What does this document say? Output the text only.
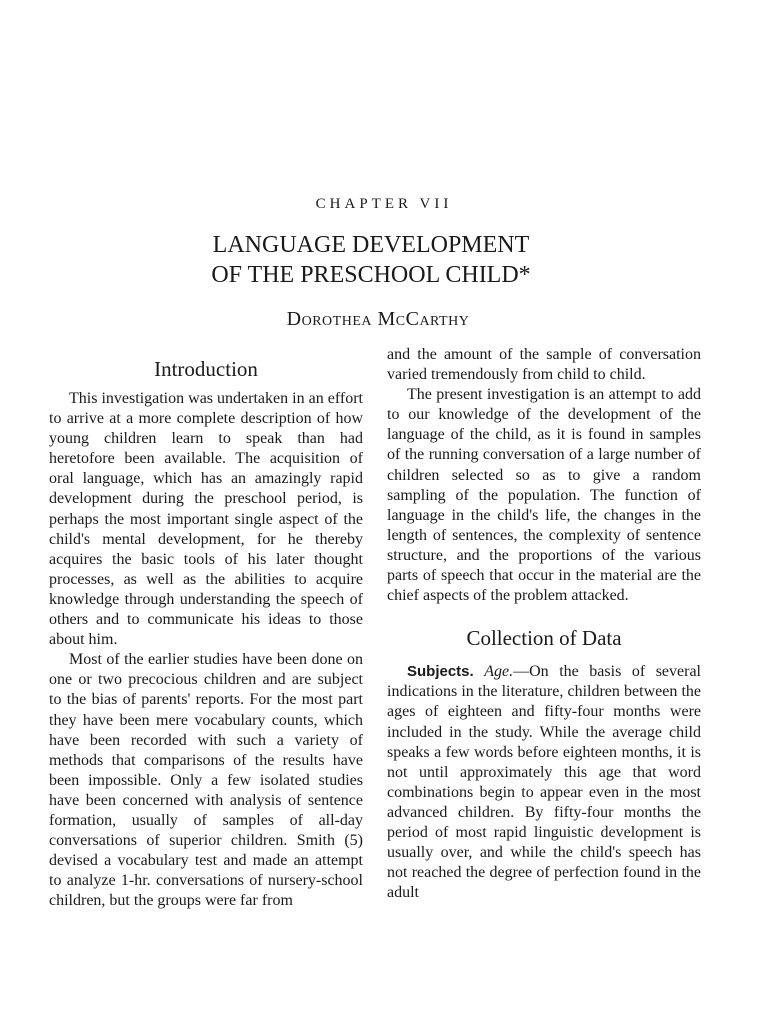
CHAPTER VII
LANGUAGE DEVELOPMENT
OF THE PRESCHOOL CHILD*
Dorothea McCarthy
Introduction

This investigation was undertaken in an effort to arrive at a more complete description of how young children learn to speak than had heretofore been available. The acquisition of oral language, which has an amazingly rapid development during the preschool period, is perhaps the most important single aspect of the child's mental development, for he thereby acquires the basic tools of his later thought processes, as well as the abilities to acquire knowledge through understanding the speech of others and to communicate his ideas to those about him.

Most of the earlier studies have been done on one or two precocious children and are subject to the bias of parents' reports. For the most part they have been mere vocabulary counts, which have been recorded with such a variety of methods that comparisons of the results have been impossible. Only a few isolated studies have been concerned with analysis of sentence formation, usually of samples of all-day conversations of superior children. Smith (5) devised a vocabulary test and made an attempt to analyze 1-hr. conversations of nursery-school children, but the groups were far from

and the amount of the sample of conversation varied tremendously from child to child.

The present investigation is an attempt to add to our knowledge of the development of the language of the child, as it is found in samples of the running conversation of a large number of children selected so as to give a random sampling of the population. The function of language in the child's life, the changes in the length of sentences, the complexity of sentence structure, and the proportions of the various parts of speech that occur in the material are the chief aspects of the problem attacked.

Collection of Data

Subjects. Age.—On the basis of several indications in the literature, children between the ages of eighteen and fifty-four months were included in the study. While the average child speaks a few words before eighteen months, it is not until approximately this age that word combinations begin to appear even in the most advanced children. By fifty-four months the period of most rapid linguistic development is usually over, and while the child's speech has not reached the degree of perfection found in the adult
